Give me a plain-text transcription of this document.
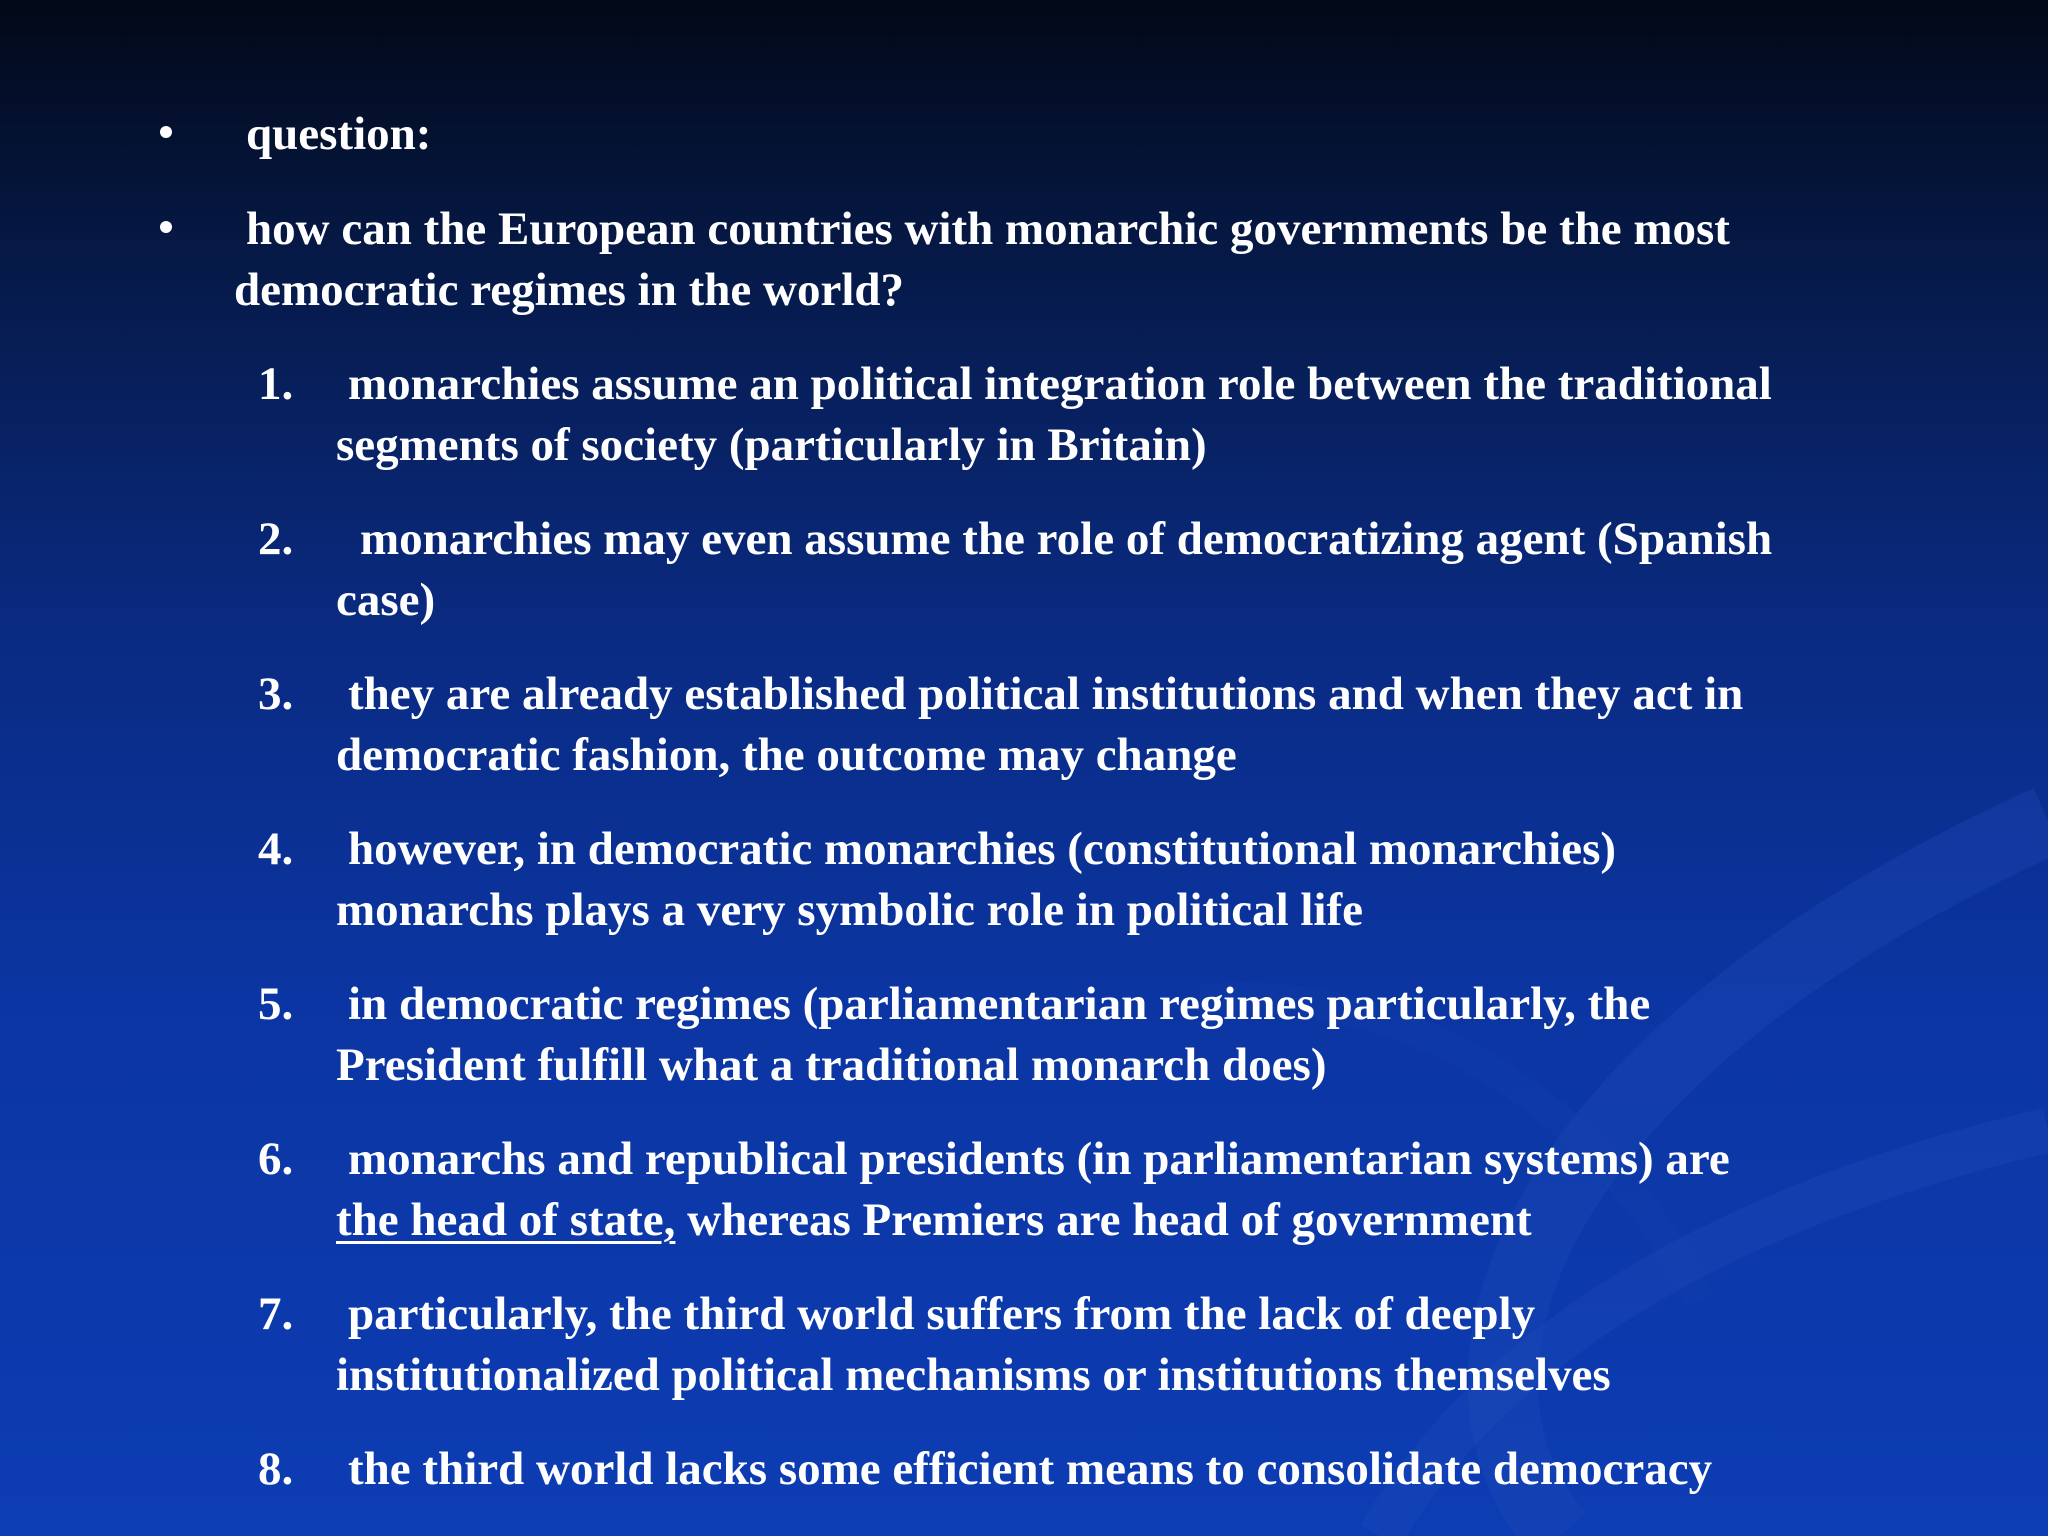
question:
how can the European countries with monarchic governments be the most
democratic regimes in the world?
1. monarchies assume an political integration role between the traditional
segments of society (particularly in Britain)
2. monarchies may even assume the role of democratizing agent (Spanish
case)
3. they are already established political institutions and when they act in
democratic fashion, the outcome may change
4. however, in democratic monarchies (constitutional monarchies)
monarchs plays a very symbolic role in political life
5. in democratic regimes (parliamentarian regimes particularly, the
President fulfill what a traditional monarch does)
6. monarchs and republical presidents (in parliamentarian systems) are
the head of state, whereas Premiers are head of government
7. particularly, the third world suffers from the lack of deeply
institutionalized political mechanisms or institutions themselves
8. the third world lacks some efficient means to consolidate democracy
